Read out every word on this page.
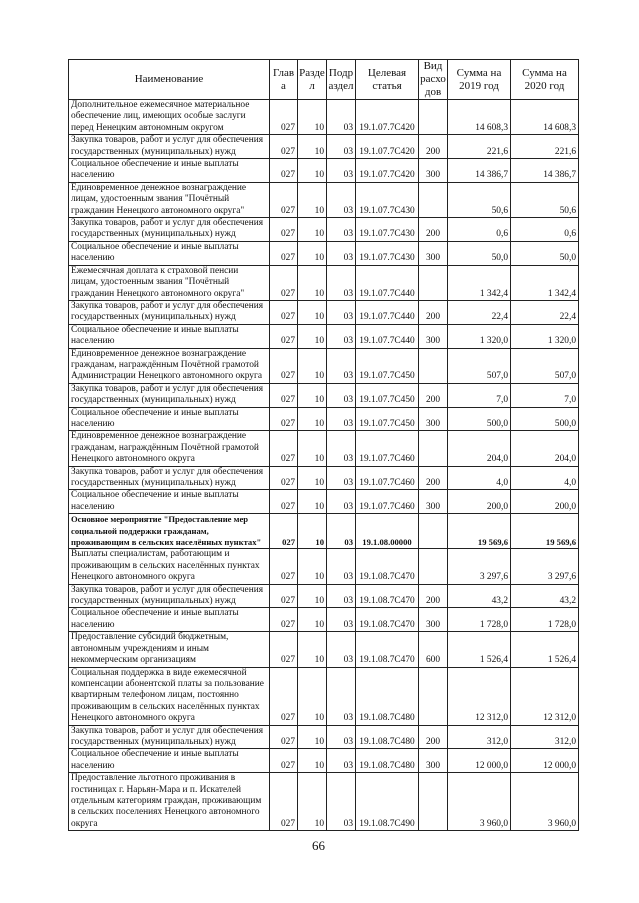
Наименование	Глав а	Разде л	Подр аздел	Целевая статья	Вид расхо дов	Сумма на 2019 год	Сумма на 2020 год
Дополнительное ежемесячное материальное обеспечение лиц, имеющих особые заслуги перед Ненецким автономным округом	027	10	03	19.1.07.7С420		14 608,3	14 608,3
Закупка товаров, работ и услуг для обеспечения государственных (муниципальных) нужд	027	10	03	19.1.07.7С420	200	221,6	221,6
Социальное обеспечение и иные выплаты населению	027	10	03	19.1.07.7С420	300	14 386,7	14 386,7
Единовременное денежное вознаграждение лицам, удостоенным звания "Почётный гражданин Ненецкого автономного округа"	027	10	03	19.1.07.7С430		50,6	50,6
Закупка товаров, работ и услуг для обеспечения государственных (муниципальных) нужд	027	10	03	19.1.07.7С430	200	0,6	0,6
Социальное обеспечение и иные выплаты населению	027	10	03	19.1.07.7С430	300	50,0	50,0
Ежемесячная доплата к страховой пенсии лицам, удостоенным звания "Почётный гражданин Ненецкого автономного округа"	027	10	03	19.1.07.7С440		1 342,4	1 342,4
Закупка товаров, работ и услуг для обеспечения государственных (муниципальных) нужд	027	10	03	19.1.07.7С440	200	22,4	22,4
Социальное обеспечение и иные выплаты населению	027	10	03	19.1.07.7С440	300	1 320,0	1 320,0
Единовременное денежное вознаграждение гражданам, награждённым Почётной грамотой Администрации Ненецкого автономного округа	027	10	03	19.1.07.7С450		507,0	507,0
Закупка товаров, работ и услуг для обеспечения государственных (муниципальных) нужд	027	10	03	19.1.07.7С450	200	7,0	7,0
Социальное обеспечение и иные выплаты населению	027	10	03	19.1.07.7С450	300	500,0	500,0
Единовременное денежное вознаграждение гражданам, награждённым Почётной грамотой Ненецкого автономного округа	027	10	03	19.1.07.7С460		204,0	204,0
Закупка товаров, работ и услуг для обеспечения государственных (муниципальных) нужд	027	10	03	19.1.07.7С460	200	4,0	4,0
Социальное обеспечение и иные выплаты населению	027	10	03	19.1.07.7С460	300	200,0	200,0
Основное мероприятие "Предоставление мер социальной поддержки гражданам, проживающим в сельских населённых пунктах"	027	10	03	19.1.08.00000		19 569,6	19 569,6
Выплаты специалистам, работающим и проживающим в сельских населённых пунктах Ненецкого автономного округа	027	10	03	19.1.08.7С470		3 297,6	3 297,6
Закупка товаров, работ и услуг для обеспечения государственных (муниципальных) нужд	027	10	03	19.1.08.7С470	200	43,2	43,2
Социальное обеспечение и иные выплаты населению	027	10	03	19.1.08.7С470	300	1 728,0	1 728,0
Предоставление субсидий бюджетным, автономным учреждениям и иным некоммерческим организациям	027	10	03	19.1.08.7С470	600	1 526,4	1 526,4
Социальная поддержка в виде ежемесячной компенсации абонентской платы за пользование квартирным телефоном лицам, постоянно проживающим в сельских населённых пунктах Ненецкого автономного округа	027	10	03	19.1.08.7С480		12 312,0	12 312,0
Закупка товаров, работ и услуг для обеспечения государственных (муниципальных) нужд	027	10	03	19.1.08.7С480	200	312,0	312,0
Социальное обеспечение и иные выплаты населению	027	10	03	19.1.08.7С480	300	12 000,0	12 000,0
Предоставление льготного проживания в гостиницах г. Нарьян-Мара и п. Искателей отдельным категориям граждан, проживающим в сельских поселениях Ненецкого автономного округа	027	10	03	19.1.08.7С490		3 960,0	3 960,0
66
